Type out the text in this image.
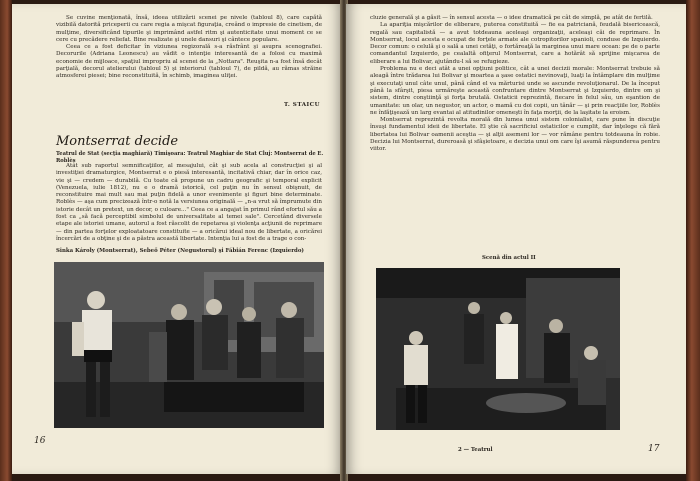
Se cuvine menţionată, însă, ideea utilizării scenei pe nivele (tabloul 8), care capătă vizibilă datorită priceperii cu care regia a mişcat figuraţia, creând o impresie de cinetism, de mulţime, diversificând tipurile şi imprimând astfel ritm şi autenticitate unui moment ce se cere cu precădere reliefat. Bine realizate şi unele dansuri şi cântece populare.

Ceea ce a fost deficitar în viziunea regizorală s-a răsfrânt şi asupra scenografiei. Decorurile (Adriana Leonescu) au vădit o intenţie interesantă de a folosi cu maximă economie de mijloace, spaţiul impropriu al scenei de la „Nottara". Reuşita n-a fost însă decât parţială, decorul atelierului (tabloul 5) şi interiorul (tabloul 7), de pildă, au rămas străine atmosferei piesei; bine reconstituită, în schimb, imaginea uliţei.

T. STAICU
Montserrat decide
Teatrul de Stat (secţia maghiară) Timişoara: Teatrul Maghiar de Stat Cluj: Montserrat de E. Roblès

Atât sub raportul semnificaţiilor, al mesajului, cât şi sub acela al construcţiei şi al investiţiei dramaturgice, Montserrat e o piesă interesantă, incitativă chiar, dar în orice caz, vie şi — credem — durabilă. Cu toate că propune un cadru geografic şi temporal explicit (Venezuela, iulie 1812), nu e o dramă istorică, cel puţin nu în sensul obişnuit, de reconstituire mai mult sau mai puţin fidelă a unor evenimente şi figuri bine determinate. Roblès — aşa cum precizează într-o notă la versiunea originală — „n-a vrut să împrumute din istorie decât un pretext, un decor, o culoare..." Ceea ce a angajat în primul rând efortul său a fost ca „să facă perceptibil simbolul de universalitate al temei sale". Cercetând diversele etape ale istoriei umane, autorul a fost răscolit de repetarea şi violenţa acţiunii de reprimare — din partea forţelor exploatatoare constituite — a oricărui ideal nou de libertate, a oricărei încercări de a obţine şi de a păstra această libertate. Intenţia lui a fost de a trage o con-

Sinka Károly (Montserrat), Sebeő Péter (Negustorul) şi Fábián Ferenc (Izquierdo)
16

cluzie generală şi a găsit — în sensul acesta — o idee dramatică pe cât de simplă, pe atât de fertilă.

La apariţia mişcărilor de eliberare, puterea constituită — fie ea patriciană, feudală bisericească, regală sau capitalistă — a avut totdeauna aceleaşi organizaţii, aceleaşi căi de reprimare. În Montserrat, locul acesta e ocupat de forţele armate ale cotropitorilor spanioli, conduse de Izquierdo. Decor comun: o celulă şi o sală a unei cetăţi, o fortăreaţă la marginea unui mare ocean: pe de o parte comandantul Izquierdo, pe cealaltă ofiţerul Montserrat, care a hotărât să sprijine mişcarea de eliberare a lui Bolivar, ajutându-l să se refugieze.

Problema nu e deci atât a unei opţiuni politice, cât a unei decizii morale: Montserrat trebuie să aleagă între trădarea lui Bolivar şi moartea a şase ostatici nevinovaţi, luaţi la întâmplare din mulţime şi executaţi unul câte unul, până când el va mărturisi unde se ascunde revoluţionarul. De la început până la sfârşit, piesa urmăreşte această confruntare dintre Montserrat şi Izquierdo, dintre om şi sistem, dintre conştiinţă şi forţa brutală. Ostaticii reprezintă, fiecare în felul său, un eşantion de umanitate: un olar, un negustor, un actor, o mamă cu doi copii, un tânăr — şi prin reacţiile lor, Roblès ne înfăţişează un larg evantai al atitudinilor omeneşti în faţa morţii, de la laşitate la eroism.

Montserrat reprezintă revolta morală din lumea unui sistem colonialist, care pune în discuţie însuşi fundamentul ideii de libertate. El ştie că sacrificiul ostaticilor e cumplit, dar înţelege că fără libertatea lui Bolivar oamenii aceştia — şi alţii asemeni lor — vor rămâne pentru totdeauna în robie. Decizia lui Montserrat, dureroasă şi sfâşietoare, e decizia unui om care îşi asumă răspunderea pentru viitor.

Scenă din actul II
2 — Teatrul	17
